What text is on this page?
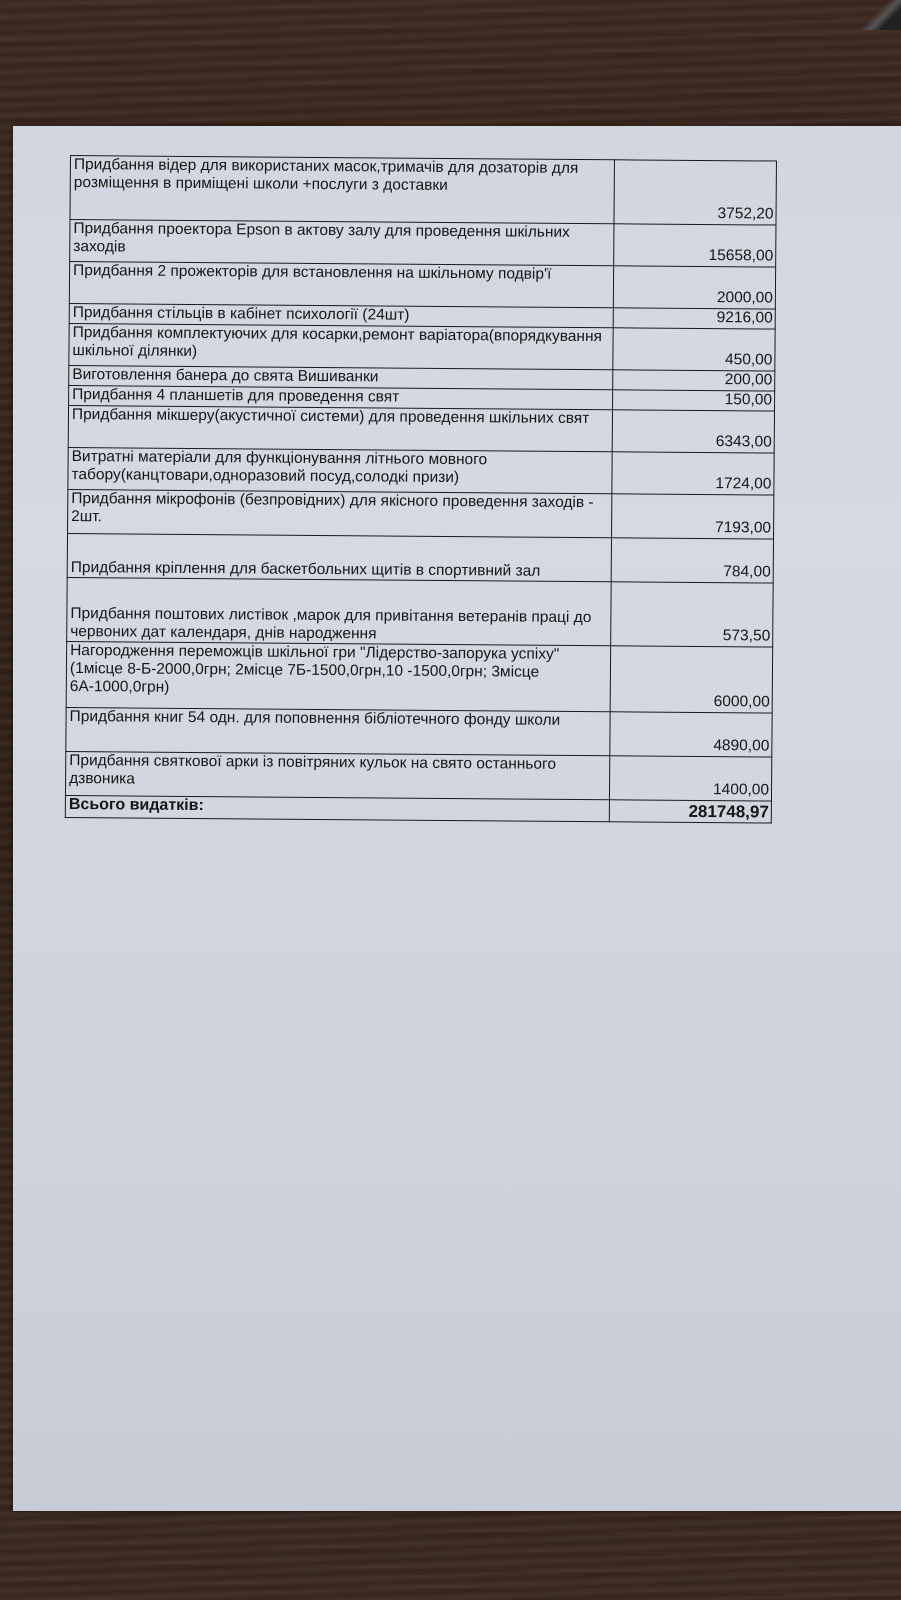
Придбання відер для використаних масок,тримачів для дозаторів для розміщення в приміщені школи +послуги з доставки	3752,20
Придбання проектора Epson в актову залу для проведення шкільних заходів	15658,00
Придбання 2 прожекторів для встановлення на шкільному подвір'ї	2000,00
Придбання стільців в кабінет психології (24шт)	9216,00
Придбання комплектуючих для косарки,ремонт варіатора(впорядкування шкільної ділянки)	450,00
Виготовлення банера до свята Вишиванки	200,00
Придбання 4 планшетів для проведення свят	150,00
Придбання мікшеру(акустичної системи) для проведення шкільних свят	6343,00
Витратні матеріали для функціонування літнього мовного табору(канцтовари,одноразовий посуд,солодкі призи)	1724,00
Придбання мікрофонів (безпровідних) для якісного проведення заходів - 2шт.	7193,00
Придбання кріплення для баскетбольних щитів в спортивний зал	784,00
Придбання поштових листівок ,марок для привітання ветеранів праці до червоних дат календаря, днів народження	573,50
Нагородження переможців шкільної гри "Лідерство-запорука успіху"(1місце 8-Б-2000,0грн; 2місце 7Б-1500,0грн,10 -1500,0грн; 3місце 6А-1000,0грн)	6000,00
Придбання книг 54 одн. для поповнення бібліотечного фонду школи	4890,00
Придбання святкової арки із повітряних кульок на свято останнього дзвоника	1400,00
Всього видатків:	281748,97
